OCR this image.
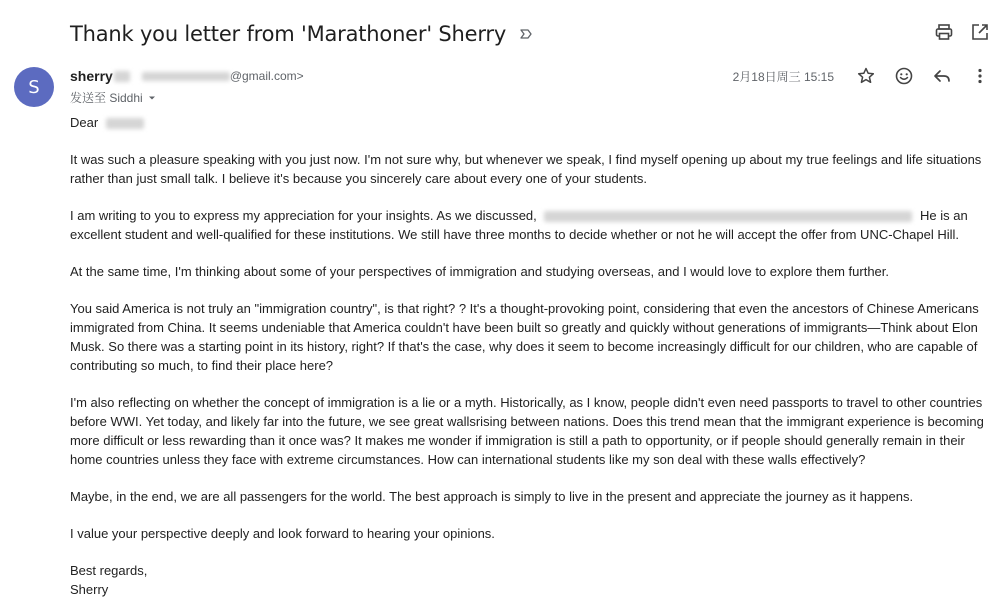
Thank you letter from 'Marathoner' Sherry
S
sherry	@gmail.com>
发送至 Siddhi
2月18日周三 15:15

Dear

It was such a pleasure speaking with you just now. I'm not sure why, but whenever we speak, I find myself opening up about my true feelings and life situations rather than just small talk. I believe it's because you sincerely care about every one of your students.

I am writing to you to express my appreciation for your insights. As we discussed,	He is an excellent student and well-qualified for these institutions. We still have three months to decide whether or not he will accept the offer from UNC-Chapel Hill.

At the same time, I'm thinking about some of your perspectives of immigration and studying overseas, and I would love to explore them further.

You said America is not truly an "immigration country", is that right? ? It's a thought-provoking point, considering that even the ancestors of Chinese Americans immigrated from China. It seems undeniable that America couldn't have been built so greatly and quickly without generations of immigrants—Think about Elon Musk. So there was a starting point in its history, right? If that's the case, why does it seem to become increasingly difficult for our children, who are capable of contributing so much, to find their place here?

I'm also reflecting on whether the concept of immigration is a lie or a myth. Historically, as I know, people didn't even need passports to travel to other countries before WWI. Yet today, and likely far into the future, we see great wallsrising between nations. Does this trend mean that the immigrant experience is becoming more difficult or less rewarding than it once was? It makes me wonder if immigration is still a path to opportunity, or if people should generally remain in their home countries unless they face with extreme circumstances. How can international students like my son deal with these walls effectively?

Maybe, in the end, we are all passengers for the world. The best approach is simply to live in the present and appreciate the journey as it happens.

I value your perspective deeply and look forward to hearing your opinions.

Best regards,

Sherry
